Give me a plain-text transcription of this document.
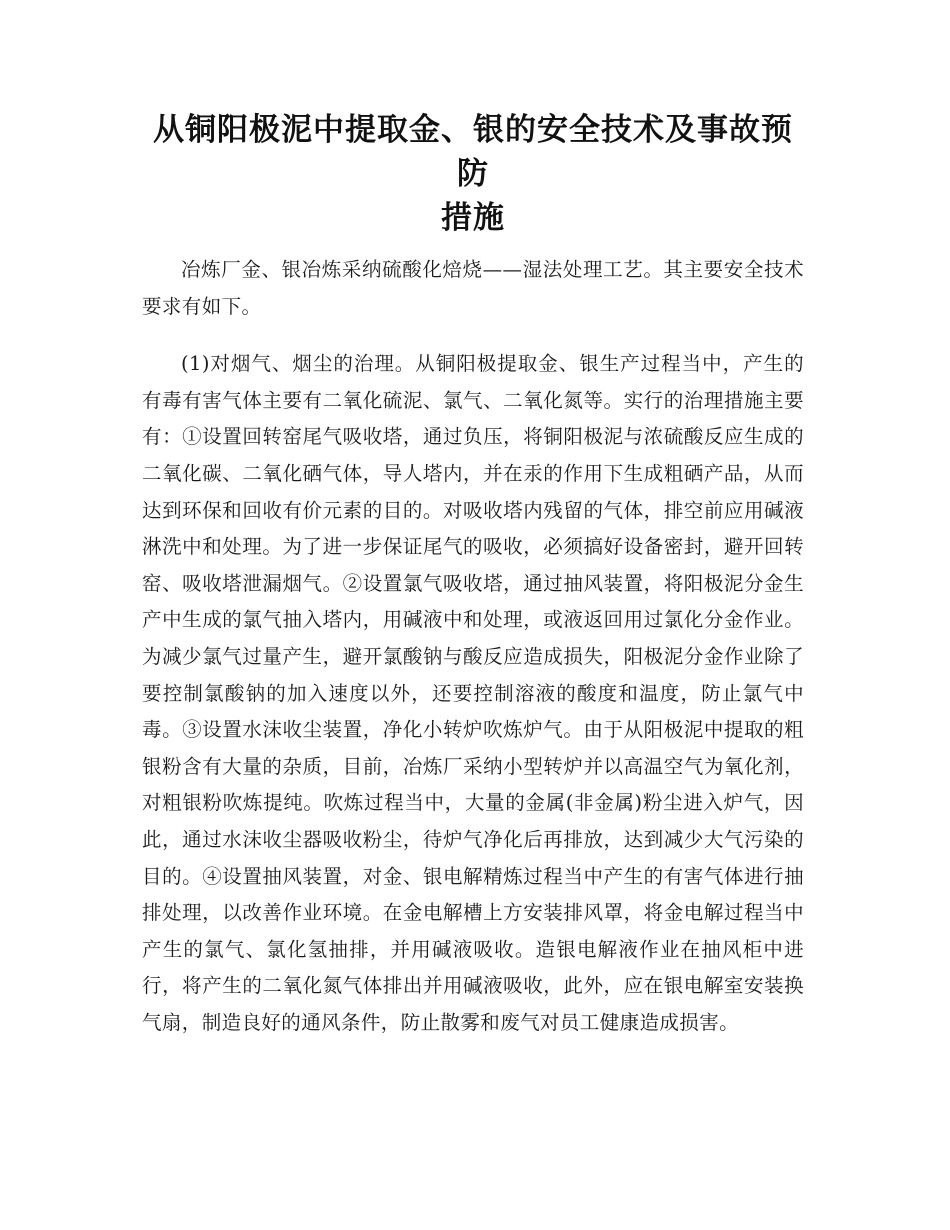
从铜阳极泥中提取金、银的安全技术及事故预防
措施

冶炼厂金、银冶炼采纳硫酸化焙烧——湿法处理工艺。其主要安全技术要求有如下。

(1)对烟气、烟尘的治理。从铜阳极提取金、银生产过程当中，产生的有毒有害气体主要有二氧化硫泥、氯气、二氧化氮等。实行的治理措施主要有：①设置回转窑尾气吸收塔，通过负压，将铜阳极泥与浓硫酸反应生成的二氧化碳、二氧化硒气体，导人塔内，并在汞的作用下生成粗硒产品，从而达到环保和回收有价元素的目的。对吸收塔内残留的气体，排空前应用碱液淋洗中和处理。为了进一步保证尾气的吸收，必须搞好设备密封，避开回转窑、吸收塔泄漏烟气。②设置氯气吸收塔，通过抽风装置，将阳极泥分金生产中生成的氯气抽入塔内，用碱液中和处理，或液返回用过氯化分金作业。为减少氯气过量产生，避开氯酸钠与酸反应造成损失，阳极泥分金作业除了要控制氯酸钠的加入速度以外，还要控制溶液的酸度和温度，防止氯气中毒。③设置水沫收尘装置，净化小转炉吹炼炉气。由于从阳极泥中提取的粗银粉含有大量的杂质，目前，冶炼厂采纳小型转炉并以高温空气为氧化剂，对粗银粉吹炼提纯。吹炼过程当中，大量的金属(非金属)粉尘进入炉气，因此，通过水沫收尘器吸收粉尘，待炉气净化后再排放，达到减少大气污染的目的。④设置抽风装置，对金、银电解精炼过程当中产生的有害气体进行抽排处理，以改善作业环境。在金电解槽上方安装排风罩，将金电解过程当中产生的氯气、氯化氢抽排，并用碱液吸收。造银电解液作业在抽风柜中进行，将产生的二氧化氮气体排出并用碱液吸收，此外，应在银电解室安装换气扇，制造良好的通风条件，防止散雾和废气对员工健康造成损害。
